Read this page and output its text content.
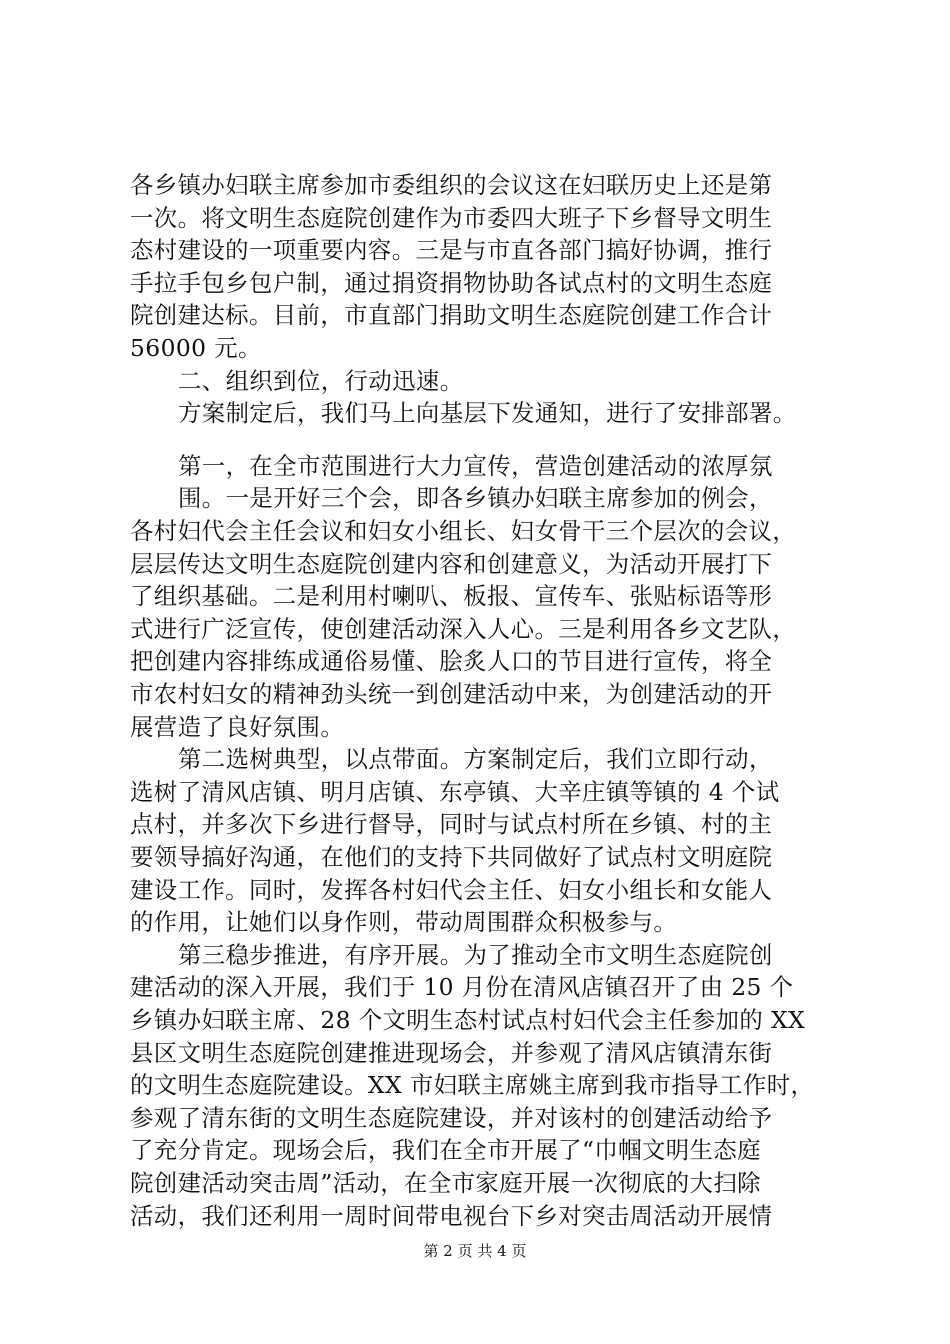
各乡镇办妇联主席参加市委组织的会议这在妇联历史上还是第
一次。将文明生态庭院创建作为市委四大班子下乡督导文明生
态村建设的一项重要内容。三是与市直各部门搞好协调，推行
手拉手包乡包户制，通过捐资捐物协助各试点村的文明生态庭
院创建达标。目前，市直部门捐助文明生态庭院创建工作合计
56000 元。
二、组织到位，行动迅速。
方案制定后，我们马上向基层下发通知，进行了安排部署。
第一，在全市范围进行大力宣传，营造创建活动的浓厚氛
围。一是开好三个会，即各乡镇办妇联主席参加的例会，
各村妇代会主任会议和妇女小组长、妇女骨干三个层次的会议，
层层传达文明生态庭院创建内容和创建意义，为活动开展打下
了组织基础。二是利用村喇叭、板报、宣传车、张贴标语等形
式进行广泛宣传，使创建活动深入人心。三是利用各乡文艺队，
把创建内容排练成通俗易懂、脍炙人口的节目进行宣传，将全
市农村妇女的精神劲头统一到创建活动中来，为创建活动的开
展营造了良好氛围。
第二选树典型，以点带面。方案制定后，我们立即行动，
选树了清风店镇、明月店镇、东亭镇、大辛庄镇等镇的 4 个试
点村，并多次下乡进行督导，同时与试点村所在乡镇、村的主
要领导搞好沟通，在他们的支持下共同做好了试点村文明庭院
建设工作。同时，发挥各村妇代会主任、妇女小组长和女能人
的作用，让她们以身作则，带动周围群众积极参与。
第三稳步推进，有序开展。为了推动全市文明生态庭院创
建活动的深入开展，我们于 10 月份在清风店镇召开了由 25 个
乡镇办妇联主席、28 个文明生态村试点村妇代会主任参加的 XX
县区文明生态庭院创建推进现场会，并参观了清风店镇清东街
的文明生态庭院建设。XX 市妇联主席姚主席到我市指导工作时，
参观了清东街的文明生态庭院建设，并对该村的创建活动给予
了充分肯定。现场会后，我们在全市开展了“巾帼文明生态庭
院创建活动突击周”活动，在全市家庭开展一次彻底的大扫除
活动，我们还利用一周时间带电视台下乡对突击周活动开展情
第 2 页 共 4 页
